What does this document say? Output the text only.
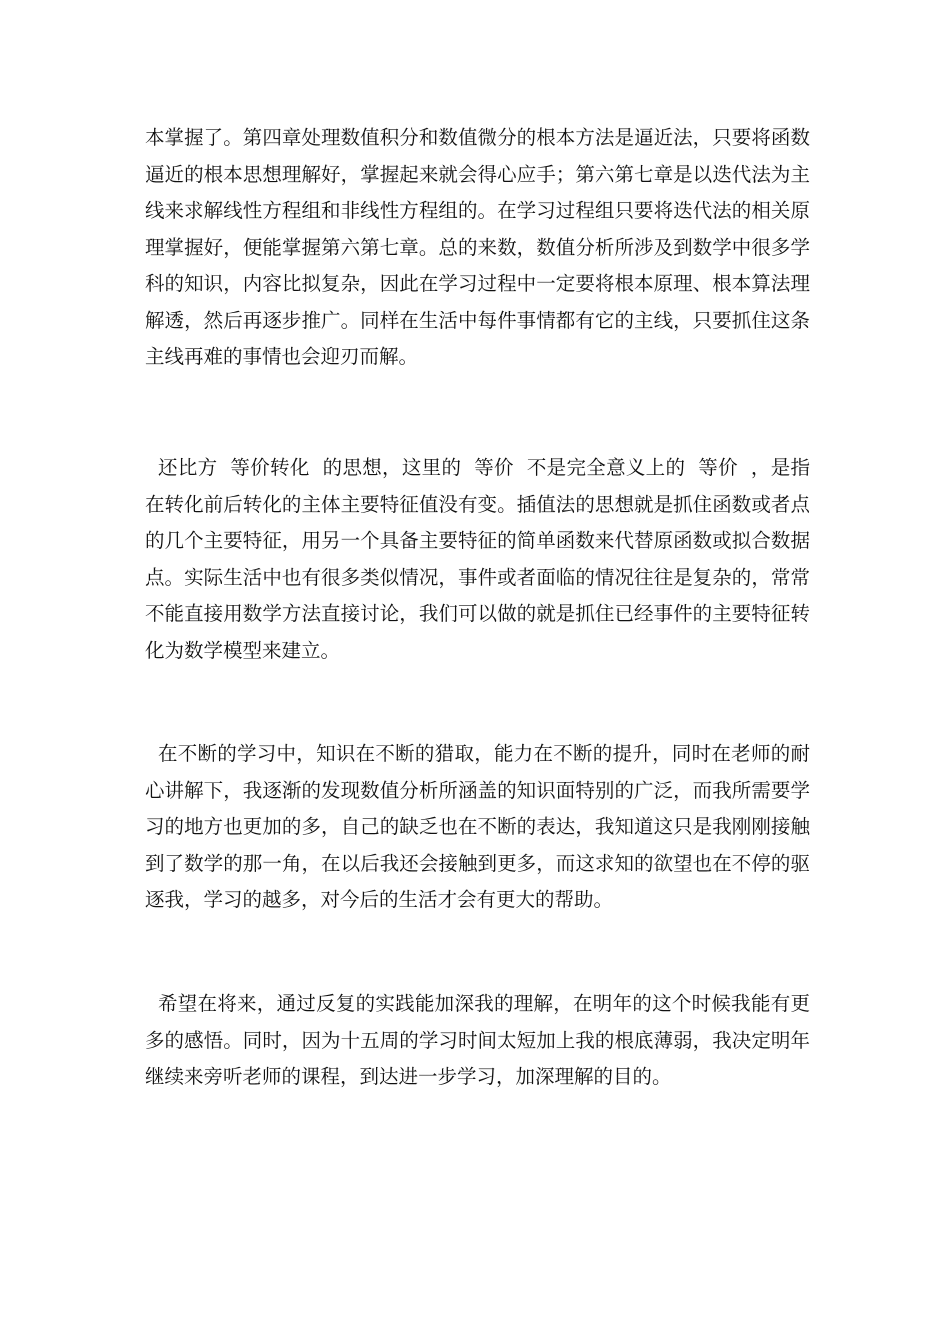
本掌握了。第四章处理数值积分和数值微分的根本方法是逼近法，只要将函数逼近的根本思想理解好，掌握起来就会得心应手；第六第七章是以迭代法为主线来求解线性方程组和非线性方程组的。在学习过程组只要将迭代法的相关原理掌握好，便能掌握第六第七章。总的来数，数值分析所涉及到数学中很多学科的知识，内容比拟复杂，因此在学习过程中一定要将根本原理、根本算法理解透，然后再逐步推广。同样在生活中每件事情都有它的主线，只要抓住这条主线再难的事情也会迎刃而解。

还比方  等价转化  的思想，这里的  等价  不是完全意义上的  等价  ，是指在转化前后转化的主体主要特征值没有变。插值法的思想就是抓住函数或者点的几个主要特征，用另一个具备主要特征的简单函数来代替原函数或拟合数据点。实际生活中也有很多类似情况，事件或者面临的情况往往是复杂的，常常不能直接用数学方法直接讨论，我们可以做的就是抓住已经事件的主要特征转化为数学模型来建立。

在不断的学习中，知识在不断的猎取，能力在不断的提升，同时在老师的耐心讲解下，我逐渐的发现数值分析所涵盖的知识面特别的广泛，而我所需要学习的地方也更加的多，自己的缺乏也在不断的表达，我知道这只是我刚刚接触到了数学的那一角，在以后我还会接触到更多，而这求知的欲望也在不停的驱逐我，学习的越多，对今后的生活才会有更大的帮助。

希望在将来，通过反复的实践能加深我的理解，在明年的这个时候我能有更多的感悟。同时，因为十五周的学习时间太短加上我的根底薄弱，我决定明年继续来旁听老师的课程，到达进一步学习，加深理解的目的。
